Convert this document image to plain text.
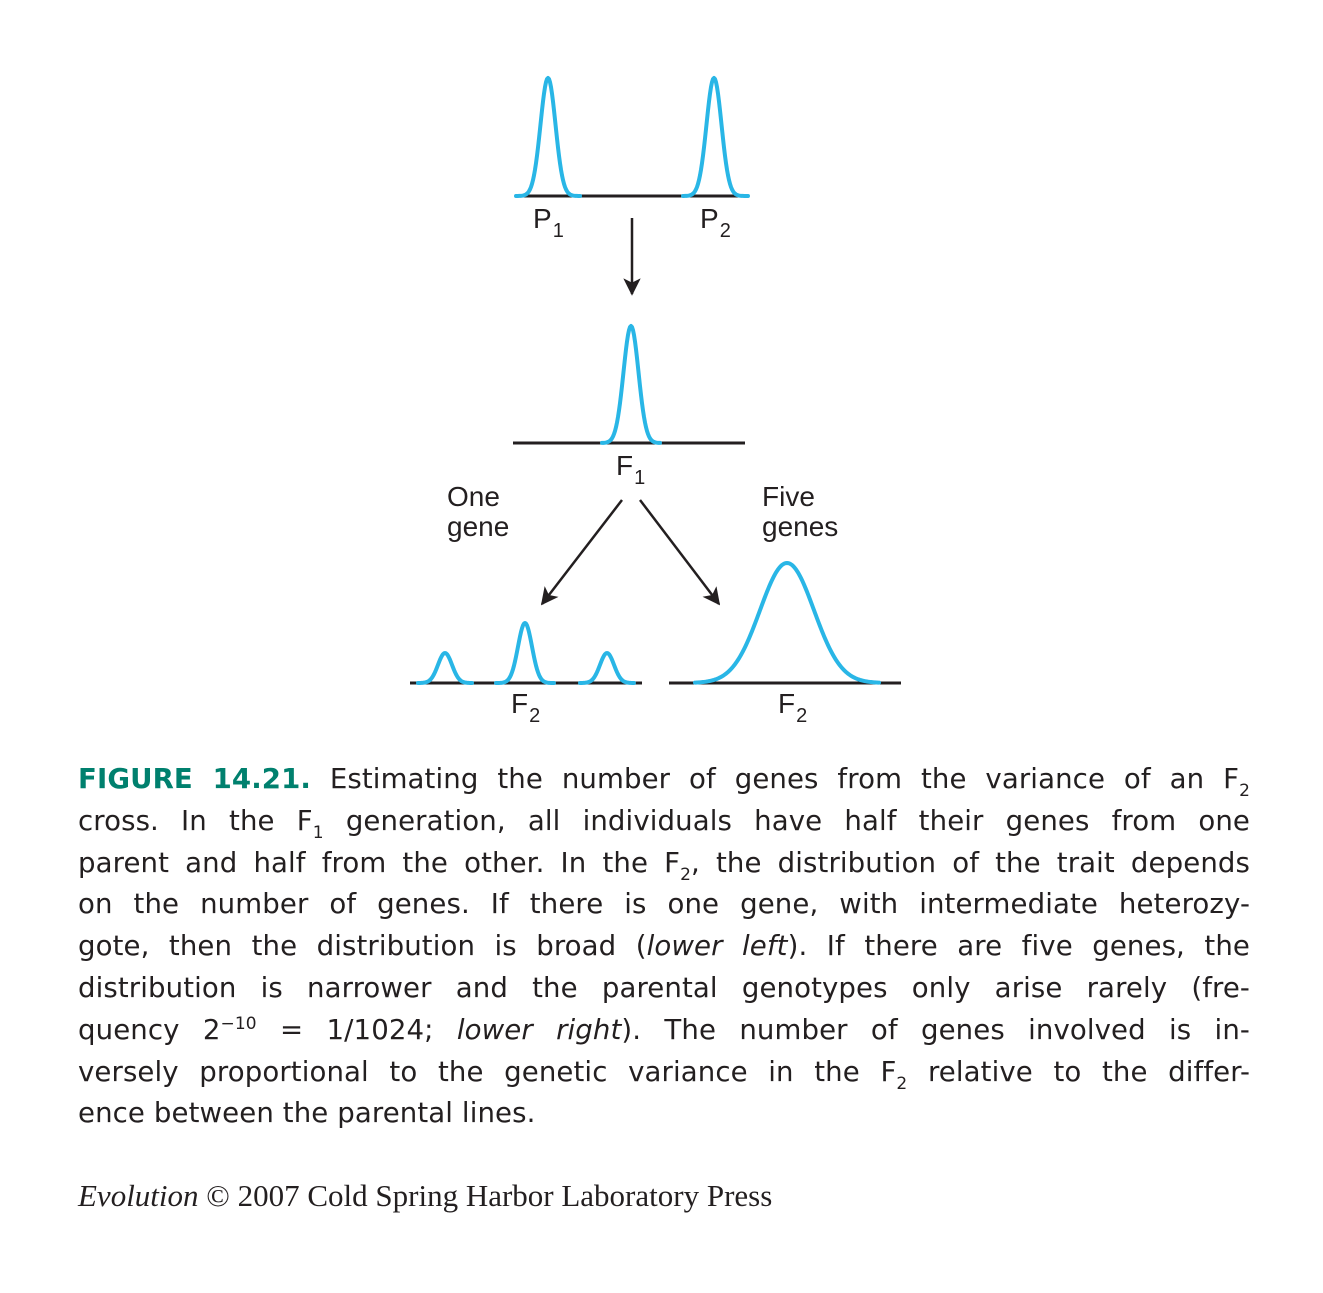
$P_1$	$P_2$
$F_1$
One
gene
Five
genes
$F_2$	$F_2$
FIGURE 14.21. Estimating the number of genes from the variance of an $F_2$
cross. In the $F_1$ generation, all individuals have half their genes from one
parent and half from the other. In the $F_2$, the distribution of the trait depends
on the number of genes. If there is one gene, with intermediate heterozy-
gote, then the distribution is broad (lower left). If there are five genes, the
distribution is narrower and the parental genotypes only arise rarely (fre-
quency $2^{-10} = 1/1024$; lower right). The number of genes involved is in-
versely proportional to the genetic variance in the $F_2$ relative to the differ-
ence between the parental lines.
Evolution © 2007 Cold Spring Harbor Laboratory Press
